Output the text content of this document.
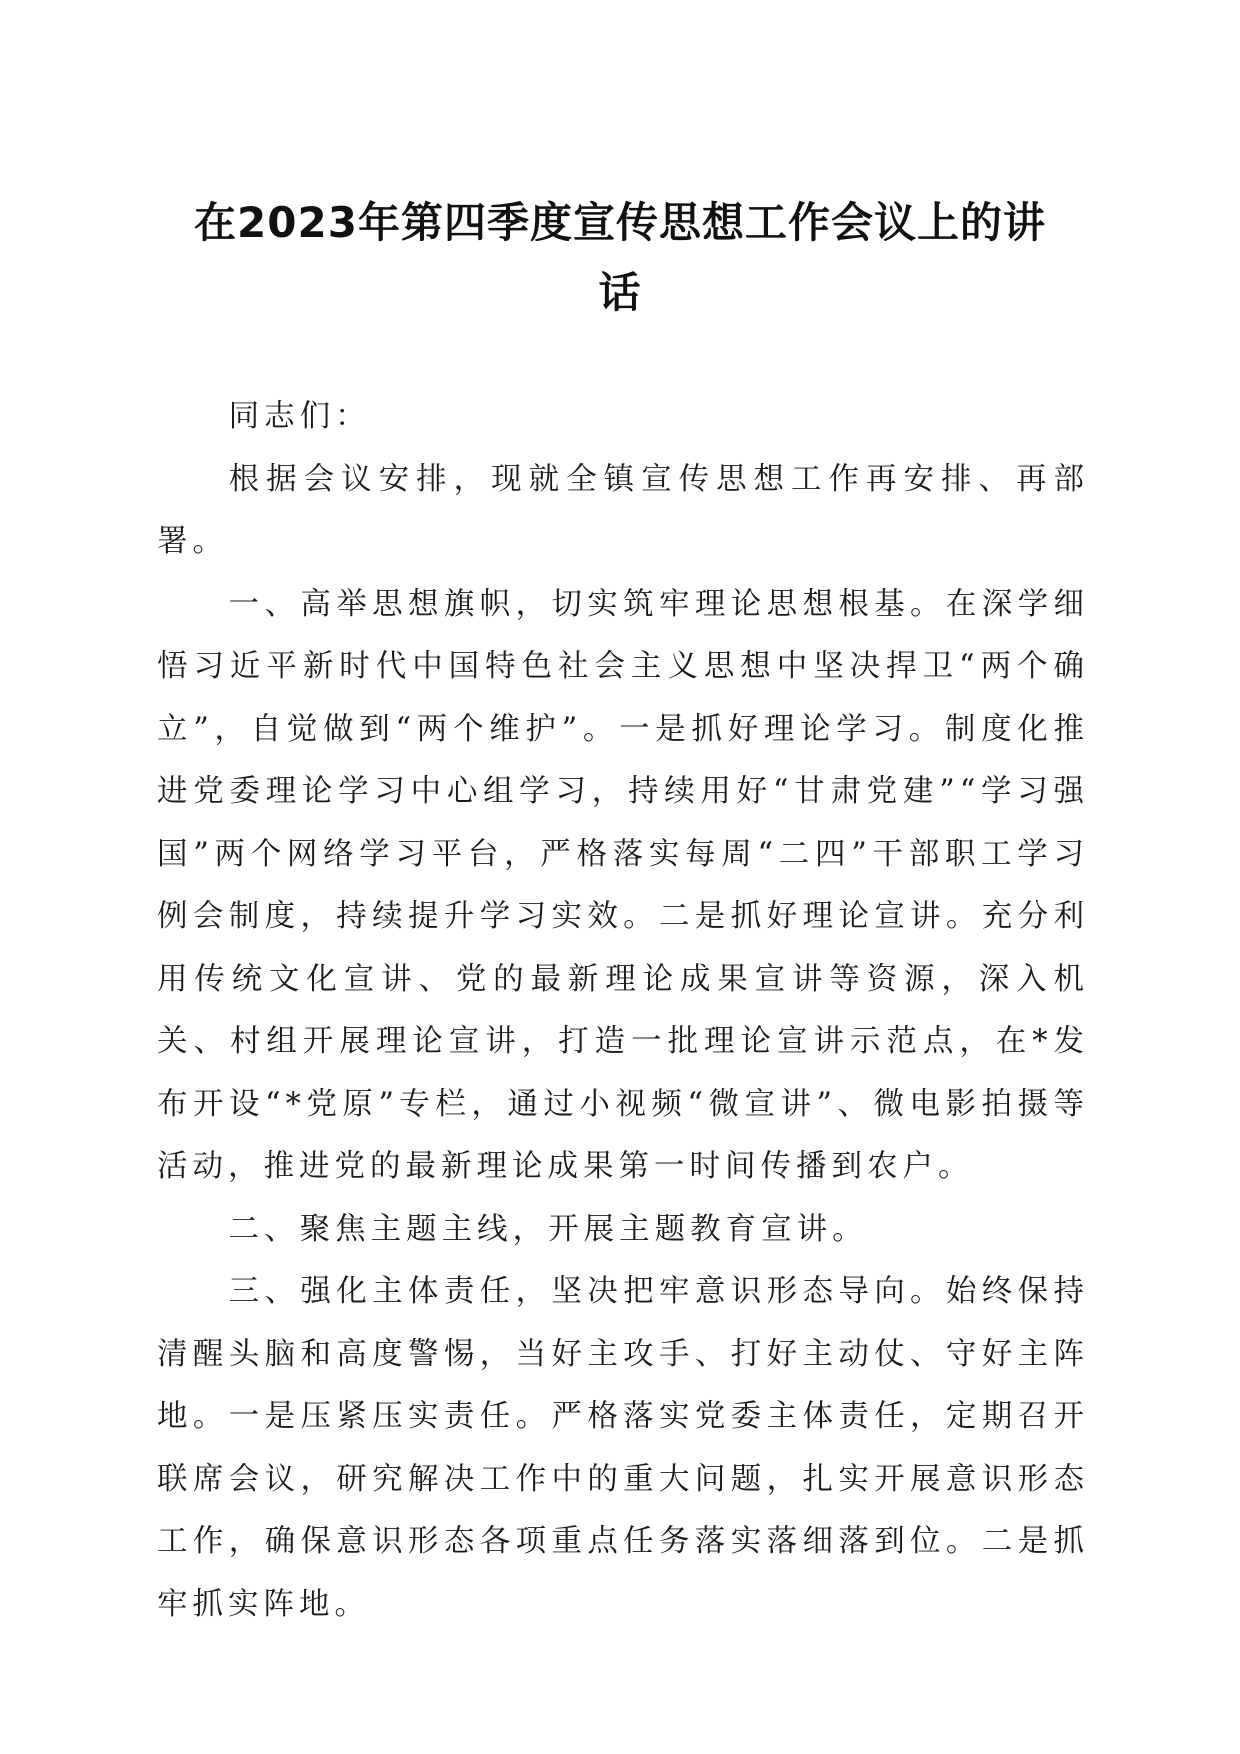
在2023年第四季度宣传思想工作会议上的讲
话

同志们：

根据会议安排，现就全镇宣传思想工作再安排、再部署。

一、高举思想旗帜，切实筑牢理论思想根基。在深学细悟习近平新时代中国特色社会主义思想中坚决捍卫“两个确立”，自觉做到“两个维护”。一是抓好理论学习。制度化推进党委理论学习中心组学习，持续用好“甘肃党建”“学习强国”两个网络学习平台，严格落实每周“二四”干部职工学习例会制度，持续提升学习实效。二是抓好理论宣讲。充分利用传统文化宣讲、党的最新理论成果宣讲等资源，深入机关、村组开展理论宣讲，打造一批理论宣讲示范点，在*发布开设“*党原”专栏，通过小视频“微宣讲”、微电影拍摄等活动，推进党的最新理论成果第一时间传播到农户。

二、聚焦主题主线，开展主题教育宣讲。

三、强化主体责任，坚决把牢意识形态导向。始终保持清醒头脑和高度警惕，当好主攻手、打好主动仗、守好主阵地。一是压紧压实责任。严格落实党委主体责任，定期召开联席会议，研究解决工作中的重大问题，扎实开展意识形态工作，确保意识形态各项重点任务落实落细落到位。二是抓牢抓实阵地。
